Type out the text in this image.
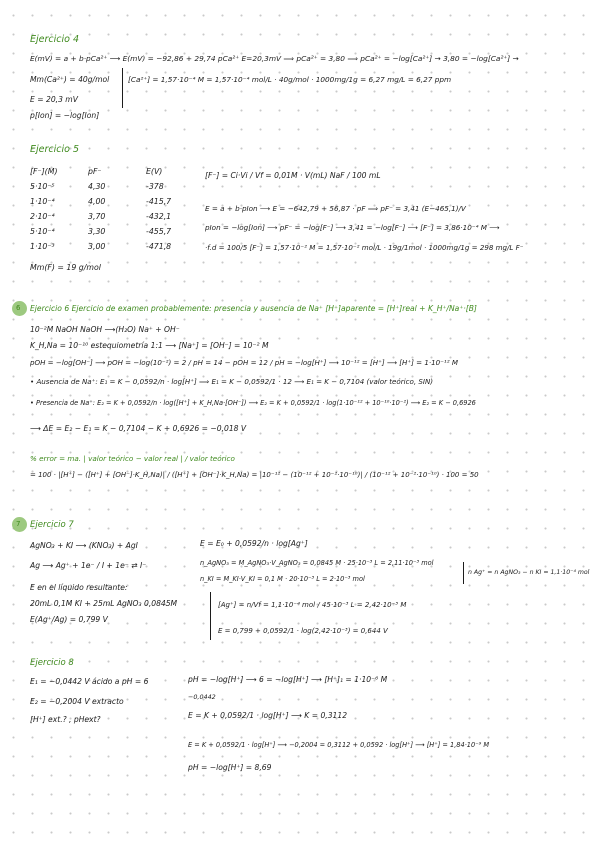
Ejercicio 4
E(mV) = a + b·pCa²⁺ ⟶ E(mV) = −92,86 + 29,74 pCa²⁺ E=20,3mV ⟹ pCa²⁺ = 3,80 ⟹ pCa²⁺ = −log[Ca²⁺] → 3,80 = −log[Ca²⁺] →
Mm(Ca²⁺) = 40g/mol	[Ca²⁺] = 1,57·10⁻⁴ M = 1,57·10⁻⁴ mol/L · 40g/mol · 1000mg/1g = 6,27 mg/L = 6,27 ppm
E = 20,3 mV
p[Ion] = −log[Ion]
Ejercicio 5
[F⁻](M)	pF⁻	E(V)
5·10⁻⁵	4,30	-378
1·10⁻⁴	4,00	-415,7
2·10⁻⁴	3,70	-432,1
5·10⁻⁴	3,30	-455,7
1·10⁻³	3,00	-471,8
Mm(F) = 19 g/mol
[F⁻] = Ci·Vi / Vf = 0,01M · V(mL) NaF / 100 mL
E = a + b·pIon ⟶ E = −642,79 + 56,87 · pF ⟹ pF⁻ = 3,41 (E−465,1)/V
pIon = −log[Ion] ⟶ pF⁻ = −log[F⁻] ⟶ 3,41 = −log[F⁻] ⟶ [F⁻] = 3,86·10⁻⁴ M ⟶
·f.d = 100/5 [F⁻] = 1,57·10⁻² M = 1,57·10⁻² mol/L · 19g/1mol · 1000mg/1g = 298 mg/L F⁻
6 Ejercicio 6 Ejercicio de examen probablemente: presencia y ausencia de Na⁺ [H⁺]aparente = [H⁺]real + K_H⁺/Na⁺·[B]
10⁻²M NaOH NaOH ⟶(H₂O) Na⁺ + OH⁻
K_H,Na = 10⁻¹⁰ estequiometría 1:1 ⟶ [Na⁺] = [OH⁻] = 10⁻² M
pOH = −log[OH⁻] ⟶ pOH = −log(10⁻²) = 2 / pH = 14 − pOH = 12 / pH = −log[H⁺] ⟶ 10⁻¹² = [H⁺] ⟶ [H⁺] = 1·10⁻¹² M
• Ausencia de Na⁺: E₁ = K − 0,0592/n · log[H⁺] ⟹ E₁ = K − 0,0592/1 · 12 ⟶ E₁ = K − 0,7104 (valor teórico, SIN)
• Presencia de Na⁺: E₂ = K + 0,0592/n · log([H⁺] + K_H,Na·[OH⁻]) ⟶ E₂ = K + 0,0592/1 · log(1·10⁻¹² + 10⁻¹⁰·10⁻²) ⟶ E₂ = K − 0,6926
⟶ ΔE = E₂ − E₁ = K − 0,7104 − K + 0,6926 = −0,018 V
% error = ma. | valor teórico − valor real | / valor teórico
= 100 · |[H⁺] − ([H⁺] + [OH⁻]·K_H,Na)| / ([H⁺] + [OH⁻]·K_H,Na) = |10⁻¹² − (10⁻¹² + 10⁻²·10⁻¹⁰)| / (10⁻¹² + 10⁻²·10⁻¹⁰) · 100 = 50
7 Ejercicio 7
AgNO₃ + KI ⟶ (KNO₃) + AgI
Ag ⟶ Ag⁺ + 1e⁻ / I + 1e⁻ ⇄ I⁻
E en el líquido resultante:
20mL 0,1M KI + 25mL AgNO₃ 0,0845M
E(Ag⁺/Ag) = 0,799 V
E = E₀ + 0,0592/n · log[Ag⁺]
n_AgNO₃ = M_AgNO₃·V_AgNO₃ = 0,0845 M · 25·10⁻³ L = 2,11·10⁻³ mol
n_KI = M_KI·V_KI = 0,1 M · 20·10⁻³ L = 2·10⁻³ mol
[Ag⁺] = n/Vf = 1,1·10⁻⁴ mol / 45·10⁻³ L = 2,42·10⁻³ M
E = 0,799 + 0,0592/1 · log(2,42·10⁻³) = 0,644 V
n Ag⁺ = n AgNO₃ − n KI = 1,1·10⁻⁴ mol
Ejercicio 8
E₁ = −0,0442 V ácido a pH = 6
E₂ = −0,2004 V extracto
[H⁺] ext.? , pHext?
pH = −log[H⁺] ⟶ 6 = −log[H⁺] ⟶ [H⁺]₁ = 1·10⁻⁶ M
−0,0442
E = K + 0,0592/1 · log[H⁺] ⟶ K = 0,3112
E = K + 0,0592/1 · log[H⁺] ⟶ −0,2004 = 0,3112 + 0,0592 · log[H⁺] ⟶ [H⁺] = 1,84·10⁻⁹ M
pH = −log[H⁺] = 8,69
